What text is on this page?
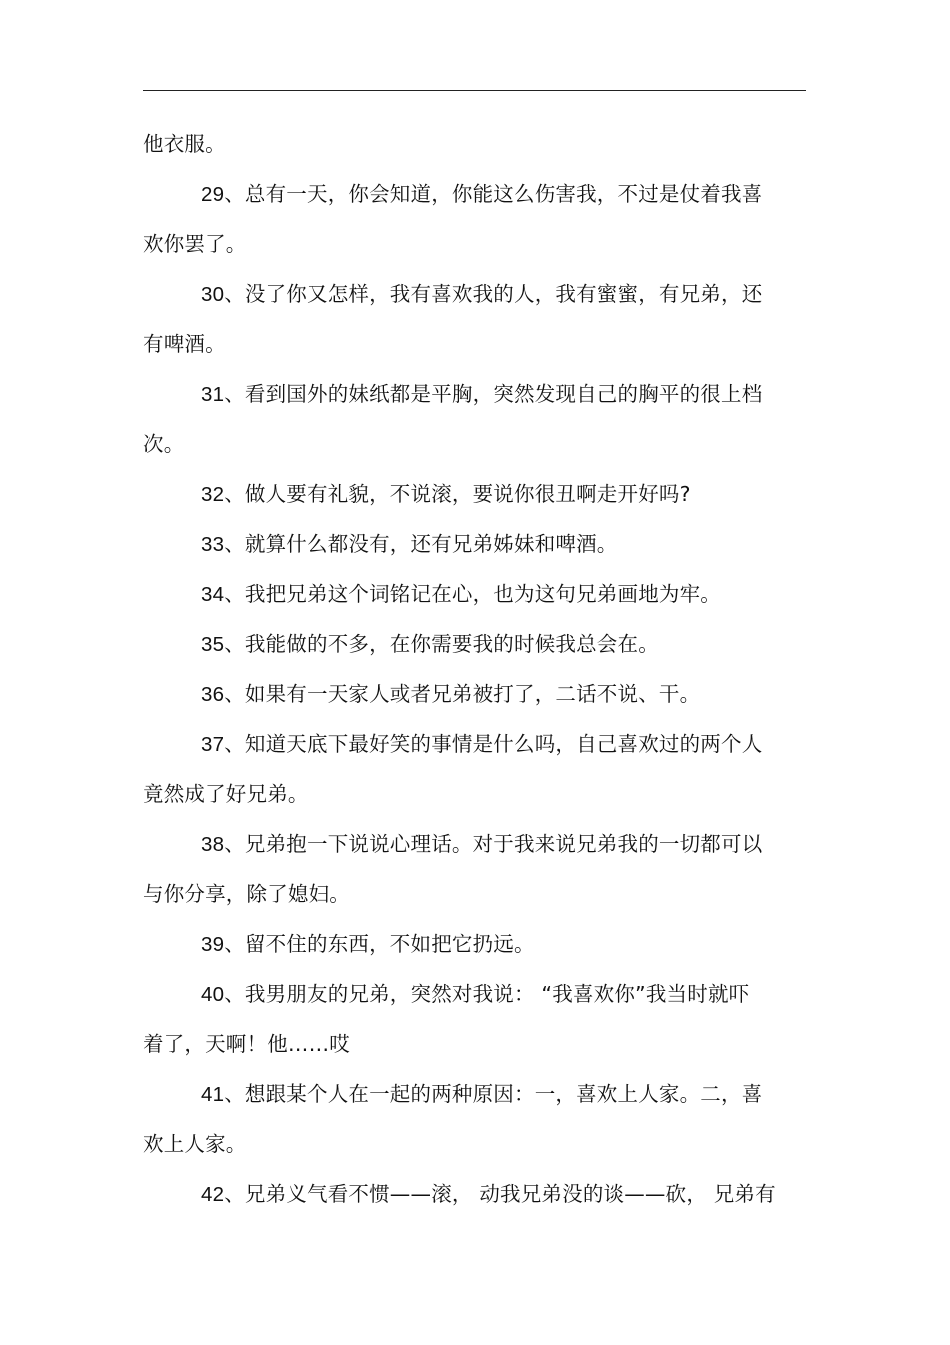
他衣服。
29、总有一天，你会知道，你能这么伤害我，不过是仗着我喜
欢你罢了。
30、没了你又怎样，我有喜欢我的人，我有蜜蜜，有兄弟，还
有啤酒。
31、看到国外的妹纸都是平胸，突然发现自己的胸平的很上档
次。
32、做人要有礼貌，不说滚，要说你很丑啊走开好吗?
33、就算什么都没有，还有兄弟姊妹和啤酒。
34、我把兄弟这个词铭记在心，也为这句兄弟画地为牢。
35、我能做的不多，在你需要我的时候我总会在。
36、如果有一天家人或者兄弟被打了，二话不说、干。
37、知道天底下最好笑的事情是什么吗，自己喜欢过的两个人
竟然成了好兄弟。
38、兄弟抱一下说说心理话。对于我来说兄弟我的一切都可以
与你分享，除了媳妇。
39、留不住的东西，不如把它扔远。
40、我男朋友的兄弟，突然对我说： “我喜欢你”我当时就吓
着了，天啊！他……哎
41、想跟某个人在一起的两种原因：一，喜欢上人家。二，喜
欢上人家。
42、兄弟义气看不惯——滚， 动我兄弟没的谈——砍， 兄弟有
